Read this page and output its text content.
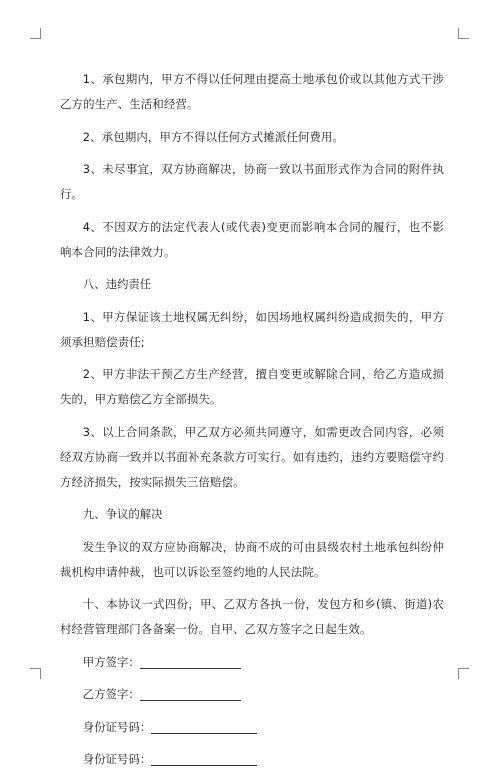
1、承包期内，甲方不得以任何理由提高土地承包价或以其他方式干涉乙方的生产、生活和经营。

2、承包期内，甲方不得以任何方式摊派任何费用。

3、未尽事宜，双方协商解决，协商一致以书面形式作为合同的附件执行。

4、不因双方的法定代表人(或代表)变更而影响本合同的履行，也不影响本合同的法律效力。

八、违约责任

1、甲方保证该土地权属无纠纷，如因场地权属纠纷造成损失的，甲方须承担赔偿责任;

2、甲方非法干预乙方生产经营，擅自变更或解除合同，给乙方造成损失的，甲方赔偿乙方全部损失。

3、以上合同条款，甲乙双方必须共同遵守，如需更改合同内容，必须经双方协商一致并以书面补充条款方可实行。如有违约，违约方要赔偿守约方经济损失，按实际损失三倍赔偿。

九、争议的解决

发生争议的双方应协商解决，协商不成的可由县级农村土地承包纠纷仲裁机构申请仲裁，也可以诉讼至签约地的人民法院。

十、本协议一式四份，甲、乙双方各执一份，发包方和乡(镇、街道)农村经营管理部门各备案一份。自甲、乙双方签字之日起生效。

甲方签字：

乙方签字：

身份证号码：

身份证号码：
